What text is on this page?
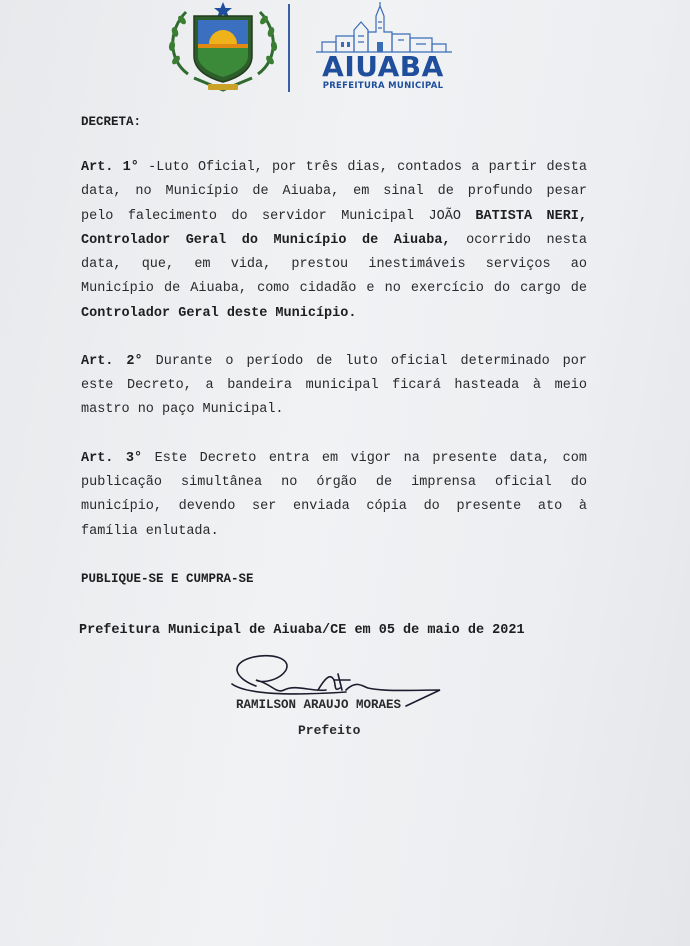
AIUABA
PREFEITURA MUNICIPAL

DECRETA:

Art. 1° -Luto Oficial, por três dias, contados a partir desta

data, no Município de Aiuaba, em sinal de profundo pesar

pelo falecimento do servidor Municipal JOÃO BATISTA NERI,

Controlador Geral do Município de Aiuaba, ocorrido nesta

data, que, em vida, prestou inestimáveis serviços ao

Município de Aiuaba, como cidadão e no exercício do cargo de

Controlador Geral deste Município.

Art. 2° Durante o período de luto oficial determinado por

este Decreto, a bandeira municipal ficará hasteada à meio

mastro no paço Municipal.

Art. 3° Este Decreto entra em vigor na presente data, com

publicação simultânea no órgão de imprensa oficial do

município, devendo ser enviada cópia do presente ato à

família enlutada.

PUBLIQUE-SE E CUMPRA-SE

Prefeitura Municipal de Aiuaba/CE em 05 de maio de 2021

RAMILSON ARAUJO MORAES
Prefeito
